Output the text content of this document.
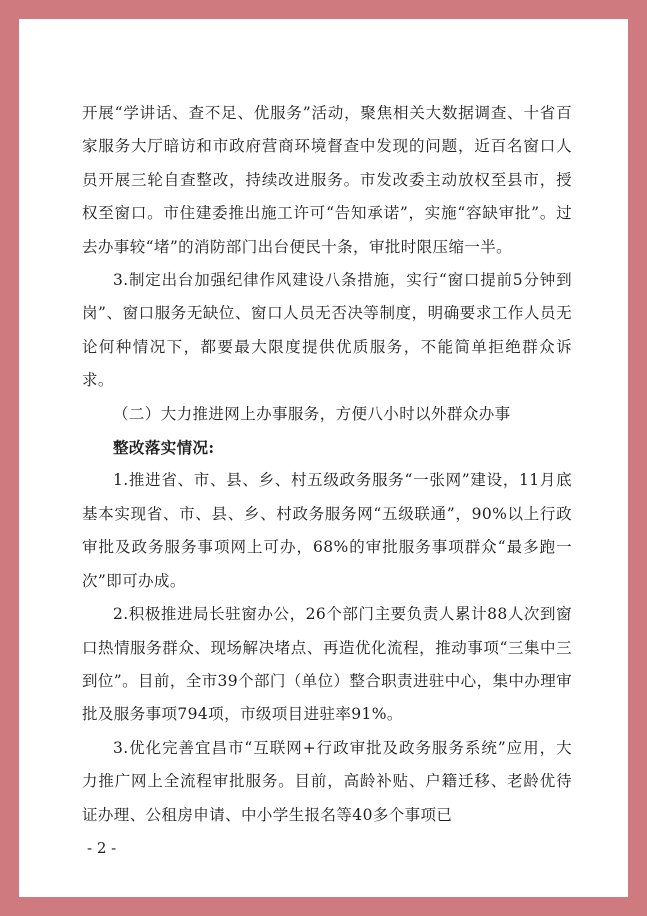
开展“学讲话、查不足、优服务”活动，聚焦相关大数据调查、十省百家服务大厅暗访和市政府营商环境督查中发现的问题，近百名窗口人员开展三轮自查整改，持续改进服务。市发改委主动放权至县市，授权至窗口。市住建委推出施工许可“告知承诺”，实施“容缺审批”。过去办事较“堵”的消防部门出台便民十条，审批时限压缩一半。

3.制定出台加强纪律作风建设八条措施，实行“窗口提前5分钟到岗”、窗口服务无缺位、窗口人员无否决等制度，明确要求工作人员无论何种情况下，都要最大限度提供优质服务，不能简单拒绝群众诉求。

（二）大力推进网上办事服务，方便八小时以外群众办事

整改落实情况:

1.推进省、市、县、乡、村五级政务服务“一张网”建设，11月底基本实现省、市、县、乡、村政务服务网“五级联通”，90%以上行政审批及政务服务事项网上可办，68%的审批服务事项群众“最多跑一次”即可办成。

2.积极推进局长驻窗办公，26个部门主要负责人累计88人次到窗口热情服务群众、现场解决堵点、再造优化流程，推动事项“三集中三到位”。目前，全市39个部门（单位）整合职责进驻中心，集中办理审批及服务事项794项，市级项目进驻率91%。

3.优化完善宜昌市“互联网+行政审批及政务服务系统”应用，大力推广网上全流程审批服务。目前，高龄补贴、户籍迁移、老龄优待证办理、公租房申请、中小学生报名等40多个事项已

- 2 -
